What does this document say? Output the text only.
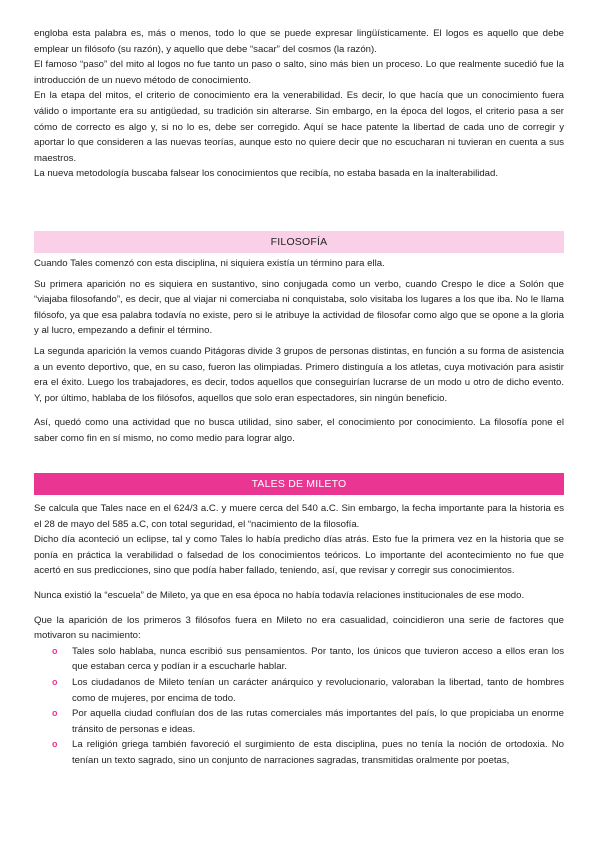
engloba esta palabra es, más o menos, todo lo que se puede expresar lingüísticamente. El logos es aquello que debe emplear un filósofo (su razón), y aquello que debe “sacar” del cosmos (la razón).

El famoso “paso” del mito al logos no fue tanto un paso o salto, sino más bien un proceso. Lo que realmente sucedió fue la introducción de un nuevo método de conocimiento.

En la etapa del mitos, el criterio de conocimiento era la venerabilidad. Es decir, lo que hacía que un conocimiento fuera válido o importante era su antigüedad, su tradición sin alterarse. Sin embargo, en la época del logos, el criterio pasa a ser cómo de correcto es algo y, si no lo es, debe ser corregido. Aquí se hace patente la libertad de cada uno de corregir y aportar lo que consideren a las nuevas teorías, aunque esto no quiere decir que no escucharan ni tuvieran en cuenta a sus maestros.

La nueva metodología buscaba falsear los conocimientos que recibía, no estaba basada en la inalterabilidad.

FILOSOFÍA

Cuando Tales comenzó con esta disciplina, ni siquiera existía un término para ella.

Su primera aparición no es siquiera en sustantivo, sino conjugada como un verbo, cuando Crespo le dice a Solón que “viajaba filosofando”, es decir, que al viajar ni comerciaba ni conquistaba, solo visitaba los lugares a los que iba. No le llama filósofo, ya que esa palabra todavía no existe, pero si le atribuye la actividad de filosofar como algo que se opone a la gloria y al lucro, empezando a definir el término.

La segunda aparición la vemos cuando Pitágoras divide 3 grupos de personas distintas, en función a su forma de asistencia a un evento deportivo, que, en su caso, fueron las olimpiadas. Primero distinguía a los atletas, cuya motivación para asistir era el éxito. Luego los trabajadores, es decir, todos aquellos que conseguirían lucrarse de un modo u otro de dicho evento. Y, por último, hablaba de los filósofos, aquellos que solo eran espectadores, sin ningún beneficio.

Así, quedó como una actividad que no busca utilidad, sino saber, el conocimiento por conocimiento. La filosofía pone el saber como fin en sí mismo, no como medio para lograr algo.

TALES DE MILETO

Se calcula que Tales nace en el 624/3 a.C. y muere cerca del 540 a.C. Sin embargo, la fecha importante para la historia es el 28 de mayo del 585 a.C, con total seguridad, el “nacimiento de la filosofía.

Dicho día aconteció un eclipse, tal y como Tales lo había predicho días atrás. Esto fue la primera vez en la historia que se ponía en práctica la verabilidad o falsedad de los conocimientos teóricos. Lo importante del acontecimiento no fue que acertó en sus predicciones, sino que podía haber fallado, teniendo, así, que revisar y corregir sus conocimientos.

Nunca existió la “escuela” de Mileto, ya que en esa época no había todavía relaciones institucionales de ese modo.

Que la aparición de los primeros 3 filósofos fuera en Mileto no era casualidad, coincidieron una serie de factores que motivaron su nacimiento:

o Tales solo hablaba, nunca escribió sus pensamientos. Por tanto, los únicos que tuvieron acceso a ellos eran los que estaban cerca y podían ir a escucharle hablar.
o Los ciudadanos de Mileto tenían un carácter anárquico y revolucionario, valoraban la libertad, tanto de hombres como de mujeres, por encima de todo.
o Por aquella ciudad confluían dos de las rutas comerciales más importantes del país, lo que propiciaba un enorme tránsito de personas e ideas.
o La religión griega también favoreció el surgimiento de esta disciplina, pues no tenía la noción de ortodoxia. No tenían un texto sagrado, sino un conjunto de narraciones sagradas, transmitidas oralmente por poetas,
